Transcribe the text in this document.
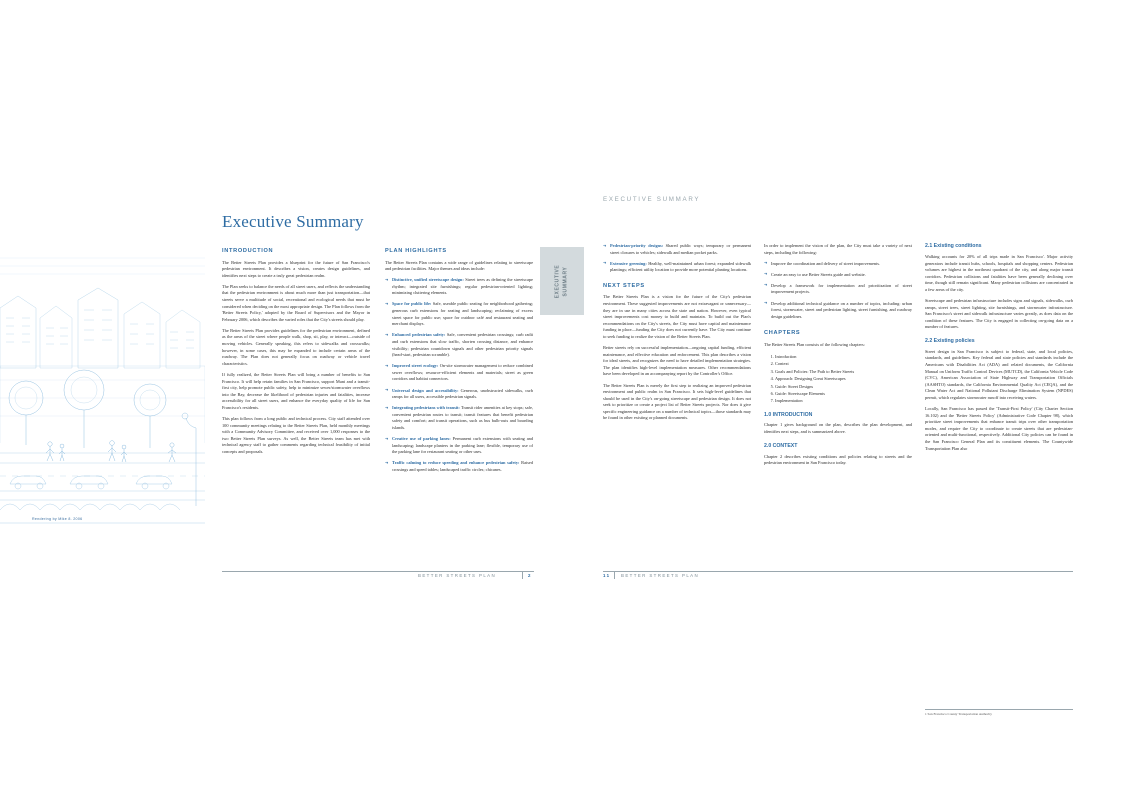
Rendering by Mike 8. 2006
EXECUTIVE SUMMARY
Executive Summary
EXECUTIVE SUMMARY
INTRODUCTION

The Better Streets Plan provides a blueprint for the future of San Francisco's pedestrian environment. It describes a vision, creates design guidelines, and identifies next steps to create a truly great pedestrian realm.

The Plan seeks to balance the needs of all street users, and reflects the understanding that the pedestrian environment is about much more than just transportation—that streets serve a multitude of social, recreational and ecological needs that must be considered when deciding on the most appropriate design. The Plan follows from the 'Better Streets Policy,' adopted by the Board of Supervisors and the Mayor in February 2006, which describes the varied roles that the City's streets should play.

The Better Streets Plan provides guidelines for the pedestrian environment, defined as the areas of the street where people walk, shop, sit, play, or interact—outside of moving vehicles. Generally speaking, this refers to sidewalks and crosswalks; however, in some cases, this may be expanded to include certain areas of the roadway. The Plan does not generally focus on roadway or vehicle travel characteristics.

If fully realized, the Better Streets Plan will bring a number of benefits to San Francisco. It will help retain families in San Francisco, support Muni and a transit-first city, help promote public safety, help to minimize sewer/stormwater overflows into the Bay, decrease the likelihood of pedestrian injuries and fatalities, increase accessibility for all street users, and enhance the everyday quality of life for San Francisco's residents.

This plan follows from a long public and technical process. City staff attended over 100 community meetings relating to the Better Streets Plan, held monthly meetings with a Community Advisory Committee, and received over 1,000 responses to the two Better Streets Plan surveys. As well, the Better Streets team has met with technical agency staff to gather comments regarding technical feasibility of initial concepts and proposals.

PLAN HIGHLIGHTS

The Better Streets Plan contains a wide range of guidelines relating to streetscape and pedestrian facilities. Major themes and ideas include:

➜ Distinctive, unified streetscape design: Street trees as defining the streetscape rhythm; integrated site furnishings; regular pedestrian-oriented lighting; minimizing cluttering elements.
➜ Space for public life: Safe, useable public seating for neighborhood gathering; generous curb extensions for seating and landscaping; reclaiming of excess street space for public use; space for outdoor café and restaurant seating and merchant displays.
➜ Enhanced pedestrian safety: Safe, convenient pedestrian crossings; curb radii and curb extensions that slow traffic, shorten crossing distance, and enhance visibility; pedestrian countdown signals and other pedestrian priority signals (head-start, pedestrian scramble).
➜ Improved street ecology: On-site stormwater management to reduce combined sewer overflows; resource-efficient elements and materials; street as green corridors and habitat connectors.
➜ Universal design and accessibility: Generous, unobstructed sidewalks, curb ramps for all users, accessible pedestrian signals.
➜ Integrating pedestrians with transit: Transit rider amenities at key stops; safe, convenient pedestrian routes to transit; transit features that benefit pedestrian safety and comfort; and transit operations, such as bus bulb-outs and boarding islands.
➜ Creative use of parking lanes: Permanent curb extensions with seating and landscaping; landscape planters in the parking lane; flexible, temporary use of the parking lane for restaurant seating or other uses.
➜ Traffic calming to reduce speeding and enhance pedestrian safety: Raised crossings and speed tables; landscaped traffic circles; chicanes.
➜ Pedestrian-priority designs: Shared public ways; temporary or permanent street closures to vehicles; sidewalk and median pocket parks.
➜ Extensive greening: Healthy, well-maintained urban forest; expanded sidewalk plantings; efficient utility location to provide more potential planting locations.
NEXT STEPS

The Better Streets Plan is a vision for the future of the City's pedestrian environment. These suggested improvements are not extravagant or unnecessary—they are in use in many cities across the state and nation. However, even typical street improvements cost money to build and maintain. To build out the Plan's recommendations on the City's streets, the City must have capital and maintenance funding in place—funding the City does not currently have. The City must continue to seek funding to realize the vision of the Better Streets Plan.

Better streets rely on successful implementation—ongoing capital funding, efficient maintenance, and effective education and enforcement. This plan describes a vision for ideal streets, and recognizes the need to have detailed implementation strategies. The plan identifies high-level implementation measures. Other recommendations have been developed in an accompanying report by the Controller's Office.

The Better Streets Plan is merely the first step to realizing an improved pedestrian environment and public realm in San Francisco. It sets high-level guidelines that should be used in the City's on-going streetscape and pedestrian design. It does not seek to prioritize or create a project list of Better Streets projects. Nor does it give specific engineering guidance on a number of technical topics—those standards may be found in other existing or planned documents.

In order to implement the vision of the plan, the City must take a variety of next steps, including the following:

➜ Improve the coordination and delivery of street improvements.
➜ Create an easy to use Better Streets guide and website.
➜ Develop a framework for implementation and prioritization of street improvement projects.
➜ Develop additional technical guidance on a number of topics, including: urban forest, stormwater, street and pedestrian lighting, street furnishing, and roadway design guidelines.
CHAPTERS

The Better Streets Plan consists of the following chapters:

1. Introduction
2. Context
3. Goals and Policies: The Path to Better Streets
4. Approach: Designing Great Streetscapes
5. Guide: Street Designs
6. Guide: Streetscape Elements
7. Implementation
1.0 INTRODUCTION

Chapter 1 gives background on the plan, describes the plan development, and identifies next steps, and is summarized above.

2.0 CONTEXT

Chapter 2 describes existing conditions and policies relating to streets and the pedestrian environment in San Francisco today.

2.1 Existing conditions

Walking accounts for 20% of all trips made in San Francisco'. Major activity generators include transit hubs, schools, hospitals and shopping centers. Pedestrian volumes are highest in the northeast quadrant of the city, and along major transit corridors. Pedestrian collisions and fatalities have been generally declining over time, though still remain significant. Many pedestrian collisions are concentrated in a few areas of the city.

Streetscape and pedestrian infrastructure includes signs and signals, sidewalks, curb ramps, street trees, street lighting, site furnishings, and stormwater infrastructure. San Francisco's street and sidewalk infrastructure varies greatly, as does data on the condition of these features. The City is engaged in collecting on-going data on a number of features.

2.2 Existing policies

Street design in San Francisco is subject to federal, state, and local policies, standards, and guidelines. Key federal and state policies and standards include the Americans with Disabilities Act (ADA) and related documents, the California Manual on Uniform Traffic Control Devices (MUTCD), the California Vehicle Code (CVC), American Association of State Highway and Transportation Officials (AASHTO) standards, the California Environmental Quality Act (CEQA), and the Clean Water Act and National Pollutant Discharge Elimination System (NPDES) permit, which regulates stormwater runoff into receiving waters.

Locally, San Francisco has passed the 'Transit-First Policy' (City Charter Section 16.102) and the 'Better Streets Policy' (Administrative Code Chapter 98), which prioritize street improvements that enhance transit trips over other transportation modes, and require the City to coordinate to create streets that are pedestrian-oriented and multi-functional, respectively. Additional City policies can be found in the San Francisco General Plan and its constituent elements. The Countywide Transportation Plan also

1 San Francisco County Transportation Authority
BETTER STREETS PLAN	2	11 BETTER STREETS PLAN
